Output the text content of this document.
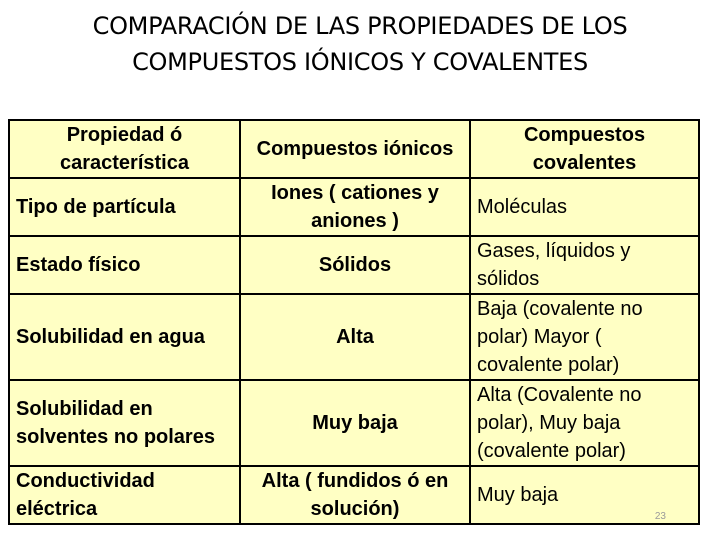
COMPARACIÓN DE LAS PROPIEDADES DE LOS
COMPUESTOS IÓNICOS Y COVALENTES
Propiedad ó característica	Compuestos iónicos	Compuestos covalentes
Tipo de partícula	Iones ( cationes y aniones )	Moléculas
Estado físico	Sólidos	Gases, líquidos y sólidos
Solubilidad en agua	Alta	Baja (covalente no polar) Mayor ( covalente polar)
Solubilidad en solventes no polares	Muy baja	Alta (Covalente no polar), Muy baja (covalente polar)
Conductividad eléctrica	Alta ( fundidos ó en solución)	Muy baja
23
